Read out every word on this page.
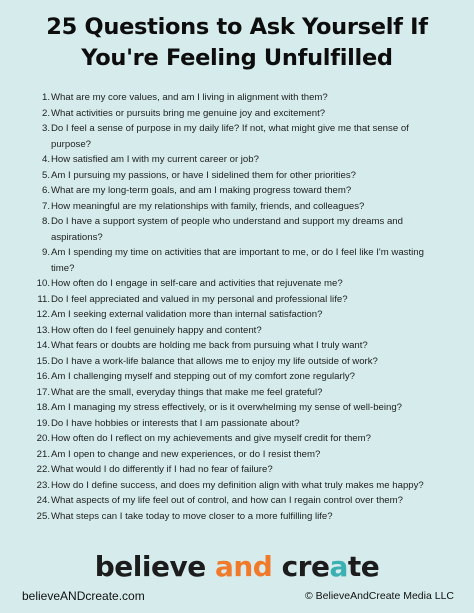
25 Questions to Ask Yourself If
You're Feeling Unfulfilled
1. What are my core values, and am I living in alignment with them?
2. What activities or pursuits bring me genuine joy and excitement?
3. Do I feel a sense of purpose in my daily life? If not, what might give me that sense of purpose?
4. How satisfied am I with my current career or job?
5. Am I pursuing my passions, or have I sidelined them for other priorities?
6. What are my long-term goals, and am I making progress toward them?
7. How meaningful are my relationships with family, friends, and colleagues?
8. Do I have a support system of people who understand and support my dreams and aspirations?
9. Am I spending my time on activities that are important to me, or do I feel like I'm wasting time?
10. How often do I engage in self-care and activities that rejuvenate me?
11. Do I feel appreciated and valued in my personal and professional life?
12. Am I seeking external validation more than internal satisfaction?
13. How often do I feel genuinely happy and content?
14. What fears or doubts are holding me back from pursuing what I truly want?
15. Do I have a work-life balance that allows me to enjoy my life outside of work?
16. Am I challenging myself and stepping out of my comfort zone regularly?
17. What are the small, everyday things that make me feel grateful?
18. Am I managing my stress effectively, or is it overwhelming my sense of well-being?
19. Do I have hobbies or interests that I am passionate about?
20. How often do I reflect on my achievements and give myself credit for them?
21. Am I open to change and new experiences, or do I resist them?
22. What would I do differently if I had no fear of failure?
23. How do I define success, and does my definition align with what truly makes me happy?
24. What aspects of my life feel out of control, and how can I regain control over them?
25. What steps can I take today to move closer to a more fulfilling life?
believe and create
believeANDcreate.com	© BelieveAndCreate Media LLC
